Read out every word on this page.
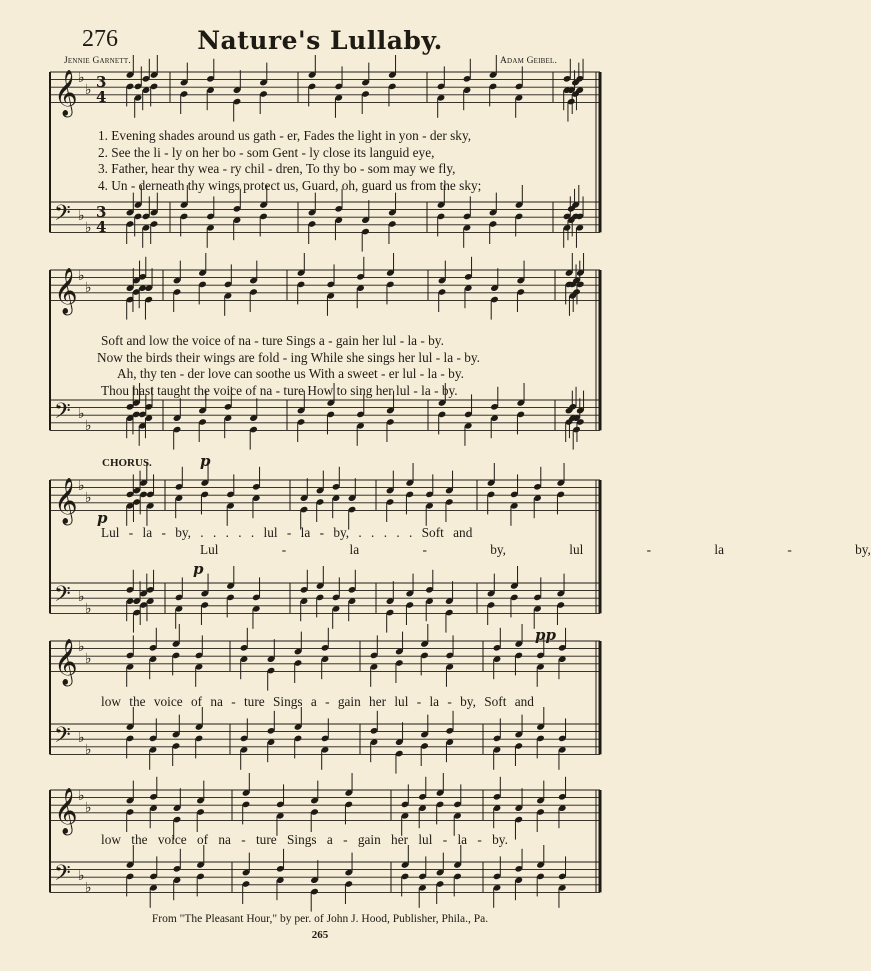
276	Nature's Lullaby.
Jennie Garnett.	Adam Geibel.
𝄞 ♭
♭ 3
4
𝄢 ♭
♭
3
4
𝄞 ♭
♭
𝄢 ♭
♭
𝄞 ♭
♭
𝄢 ♭
♭
𝄞 ♭
♭
𝄢 ♭
♭
𝄞 ♭
♭
𝄢 ♭
♭
1. Evening shades around us gath - er, Fades the light in yon - der sky,
2. See the li - ly on her bo - som Gent - ly close its languid eye,
3. Father, hear thy wea - ry chil - dren, To thy bo - som may we fly,
4. Un - derneath thy wings protect us, Guard, oh, guard us from the sky;
Soft and low the voice of na - ture Sings a - gain her lul - la - by.
Now the birds their wings are fold - ing While she sings her lul - la - by.
Ah, thy ten - der love can soothe us With a sweet - er lul - la - by.
Thou hast taught the voice of na - ture How to sing her lul - la - by.
CHORUS.	p
p
p
Lul - la - by, . . . . . lul - la - by, . . . . . Soft and
Lul - la - by, lul - la - by,
pp
low the voice of na - ture Sings a - gain her lul - la - by, Soft and
low the voice of na - ture Sings a - gain her lul - la - by.
From "The Pleasant Hour," by per. of John J. Hood, Publisher, Phila., Pa.
265
